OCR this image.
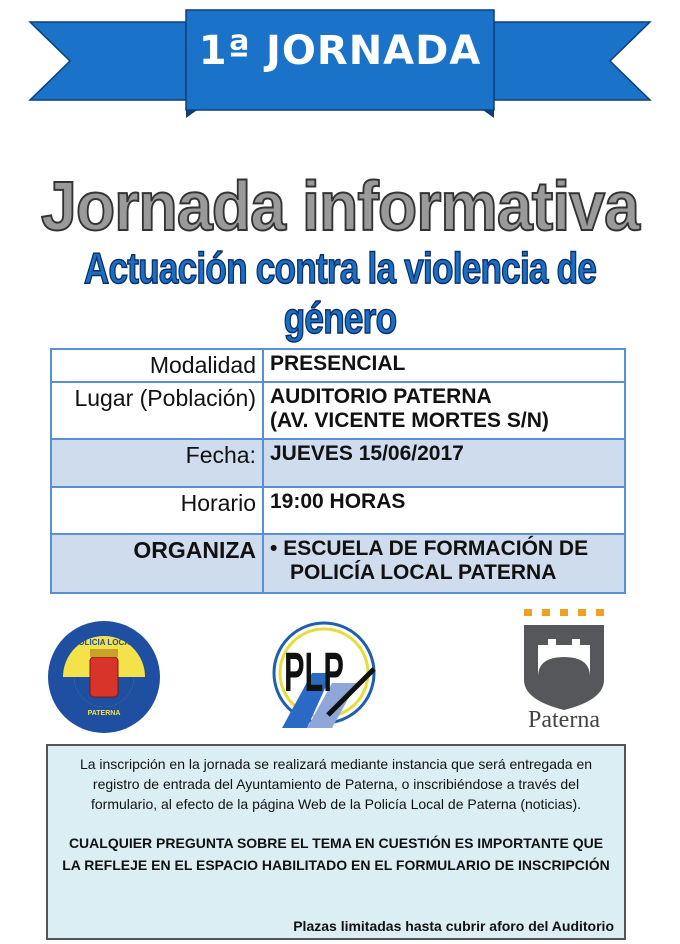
1ª JORNADA
Jornada informativa
Actuación contra la violencia de género
Modalidad	PRESENCIAL
Lugar (Población)	AUDITORIO PATERNA
(AV. VICENTE MORTES S/N)

Fecha:	JUEVES 15/06/2017
Horario	19:00 HORAS
ORGANIZA	• ESCUELA DE FORMACIÓN DE
POLICÍA LOCAL PATERNA
POLICIA LOCAL
PATERNA
PLP
Paterna

La inscripción en la jornada se realizará mediante instancia que será entregada en registro de entrada del Ayuntamiento de Paterna, o inscribiéndose a través del formulario, al efecto de la página Web de la Policía Local de Paterna (noticias).

CUALQUIER PREGUNTA SOBRE EL TEMA EN CUESTIÓN ES IMPORTANTE QUE LA REFLEJE EN EL ESPACIO HABILITADO EN EL FORMULARIO DE INSCRIPCIÓN

Plazas limitadas hasta cubrir aforo del Auditorio
